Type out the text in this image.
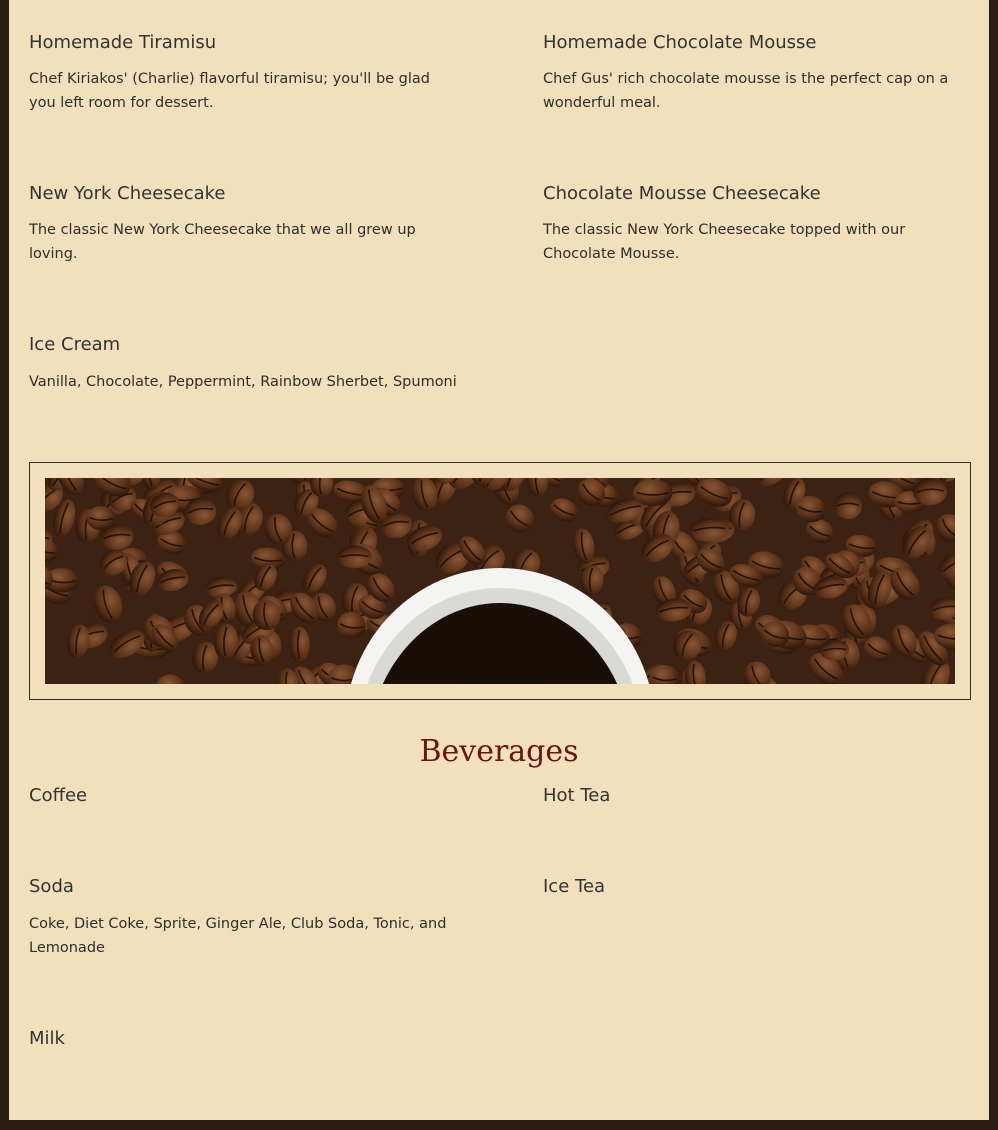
Homemade Tiramisu

Chef Kiriakos' (Charlie) flavorful tiramisu; you'll be glad you left room for dessert.

Homemade Chocolate Mousse

Chef Gus' rich chocolate mousse is the perfect cap on a wonderful meal.

New York Cheesecake

The classic New York Cheesecake that we all grew up loving.

Chocolate Mousse Cheesecake

The classic New York Cheesecake topped with our Chocolate Mousse.

Ice Cream

Vanilla, Chocolate, Peppermint, Rainbow Sherbet, Spumoni

Beverages
Coffee	Hot Tea
Soda

Coke, Diet Coke, Sprite, Ginger Ale, Club Soda, Tonic, and Lemonade

Ice Tea
Milk
